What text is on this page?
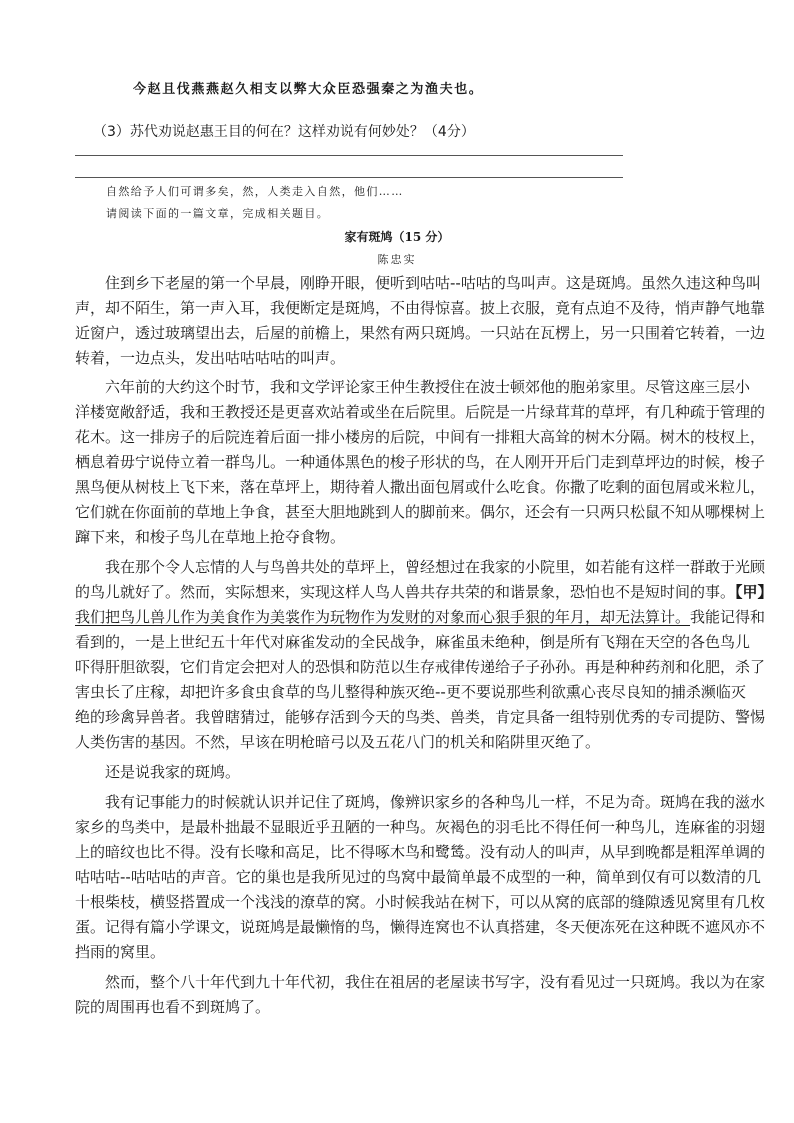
今赵且伐燕燕赵久相支以弊大众臣恐强秦之为渔夫也。
（3）苏代劝说赵惠王目的何在？这样劝说有何妙处？（4分）
自然给予人们可谓多矣，然，人类走入自然，他们……
请阅读下面的一篇文章，完成相关题目。
家有斑鸠（15 分）
陈忠实
住到乡下老屋的第一个早晨，刚睁开眼，便听到咕咕--咕咕的鸟叫声。这是斑鸠。虽然久违这种鸟叫
声，却不陌生，第一声入耳，我便断定是斑鸠，不由得惊喜。披上衣服，竟有点迫不及待，悄声静气地靠
近窗户，透过玻璃望出去，后屋的前檐上，果然有两只斑鸠。一只站在瓦楞上，另一只围着它转着，一边
转着，一边点头，发出咕咕咕咕的叫声。
六年前的大约这个时节，我和文学评论家王仲生教授住在波士顿郊他的胞弟家里。尽管这座三层小
洋楼宽敞舒适，我和王教授还是更喜欢站着或坐在后院里。后院是一片绿茸茸的草坪，有几种疏于管理的
花木。这一排房子的后院连着后面一排小楼房的后院，中间有一排粗大高耸的树木分隔。树木的枝杈上，
栖息着毋宁说侍立着一群鸟儿。一种通体黑色的梭子形状的鸟，在人刚开开后门走到草坪边的时候，梭子
黑鸟便从树枝上飞下来，落在草坪上，期待着人撒出面包屑或什么吃食。你撒了吃剩的面包屑或米粒儿，
它们就在你面前的草地上争食，甚至大胆地跳到人的脚前来。偶尔，还会有一只两只松鼠不知从哪棵树上
蹿下来，和梭子鸟儿在草地上抢夺食物。
我在那个令人忘情的人与鸟兽共处的草坪上，曾经想过在我家的小院里，如若能有这样一群敢于光顾
的鸟儿就好了。然而，实际想来，实现这样人鸟人兽共存共荣的和谐景象，恐怕也不是短时间的事。【甲】
我们把鸟儿兽儿作为美食作为美裳作为玩物作为发财的对象而心狠手狠的年月，却无法算计。我能记得和
看到的，一是上世纪五十年代对麻雀发动的全民战争，麻雀虽未绝种，倒是所有飞翔在天空的各色鸟儿
吓得肝胆欲裂，它们肯定会把对人的恐惧和防范以生存戒律传递给子子孙孙。再是种种药剂和化肥，杀了
害虫长了庄稼，却把许多食虫食草的鸟儿整得种族灭绝--更不要说那些利欲熏心丧尽良知的捕杀濒临灭
绝的珍禽异兽者。我曾瞎猜过，能够存活到今天的鸟类、兽类，肯定具备一组特别优秀的专司提防、警惕
人类伤害的基因。不然，早该在明枪暗弓以及五花八门的机关和陷阱里灭绝了。
还是说我家的斑鸠。
我有记事能力的时候就认识并记住了斑鸠，像辨识家乡的各种鸟儿一样，不足为奇。斑鸠在我的滋水
家乡的鸟类中，是最朴拙最不显眼近乎丑陋的一种鸟。灰褐色的羽毛比不得任何一种鸟儿，连麻雀的羽翅
上的暗纹也比不得。没有长喙和高足，比不得啄木鸟和鹭鸶。没有动人的叫声，从早到晚都是粗浑单调的
咕咕咕--咕咕咕的声音。它的巢也是我所见过的鸟窝中最简单最不成型的一种，简单到仅有可以数清的几
十根柴枝，横竖搭置成一个浅浅的潦草的窝。小时候我站在树下，可以从窝的底部的缝隙透见窝里有几枚
蛋。记得有篇小学课文，说斑鸠是最懒惰的鸟，懒得连窝也不认真搭建，冬天便冻死在这种既不遮风亦不
挡雨的窝里。
然而，整个八十年代到九十年代初，我住在祖居的老屋读书写字，没有看见过一只斑鸠。我以为在家
院的周围再也看不到斑鸠了。
